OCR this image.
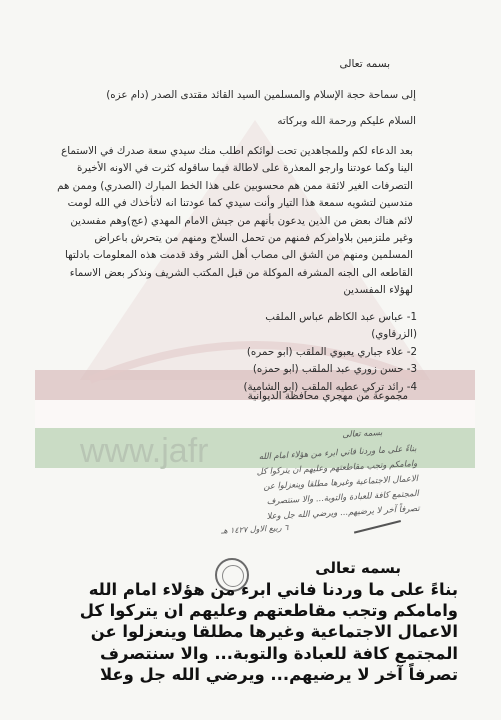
www.jafr
بسمه تعالى
إلى سماحة حجة الإسلام والمسلمين السيد القائد مقتدى الصدر (دام عزه)
السلام عليكم ورحمة الله وبركاته
بعد الدعاء لكم وللمجاهدين تحت لوائكم اطلب منك سيدي سعة صدرك في الاستماع الينا وكما عودتنا وارجو المعذرة على لاطالة فيما ساقوله كثرت في الاونه الأخيرة التصرفات الغير لائقة ممن هم محسوبين على هذا الخط المبارك (الصدري) وممن هم مندسين لتشويه سمعة هذا التيار وأنت سيدي كما عودتنا انه لاتأخذك في الله لومت لائم هناك بعض من الذين يدعون بأنهم من جيش الامام المهدي (عج)وهم مفسدين وغير ملتزمين بلاوامركم فمنهم من تحمل السلاح ومنهم من يتحرش باعراض المسلمين ومنهم من الشق الى مصاب أهل الشر وقد قدمت هذه المعلومات بادلتها القاطعه الى الجنه المشرفه الموكلة من قبل المكتب الشريف ونذكر بعض الاسماء لهؤلاء المفسدين
1- عباس عبد الكاظم عباس الملقب (الزرقاوي)
2- علاء جباري يعبوي الملقب (ابو حمره)
3- حسن زوري عبد الملقب (ابو حمزه)
4- رائد تركي عطيه الملقب (ابو الشامية)
مجموعة من مهجري محافظة الديوانية
بسمه تعالى
بناءً على ما وردنا فاني ابرء من هؤلاء امام الله
وامامكم وتجب مقاطعتهم وعليهم ان يتركوا كل
الاعمال الاجتماعية وغيرها مطلقا وينعزلوا عن
المجتمع كافة للعبادة والتوبة... والا سنتصرف
تصرفاً آخر لا يرضيهم... ويرضي الله جل وعلا
٦ ربيع الاول ١٤٢٧ هـ
بسمه تعالى
بناءً على ما وردنا فاني ابرء من هؤلاء امام الله
وامامكم وتجب مقاطعتهم وعليهم ان يتركوا كل
الاعمال الاجتماعية وغيرها مطلقا وينعزلوا عن
المجتمع كافة للعبادة والتوبة... والا سنتصرف
تصرفاً آخر لا يرضيهم... ويرضي الله جل وعلا
